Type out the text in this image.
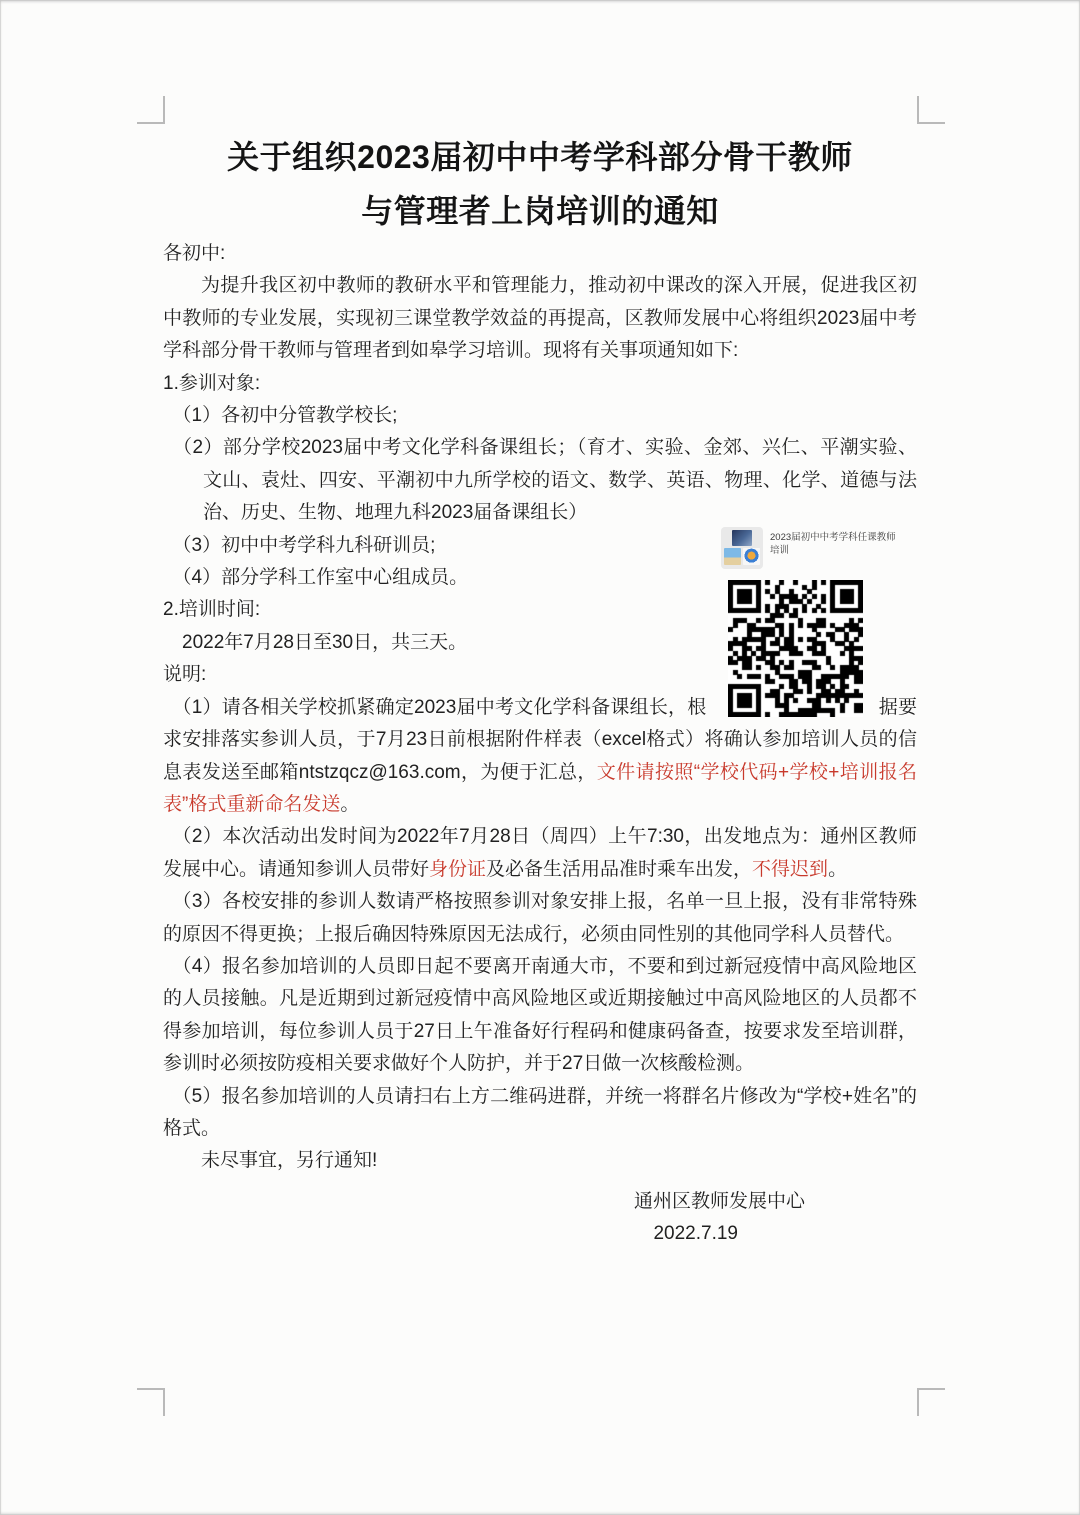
关于组织2023届初中中考学科部分骨干教师
与管理者上岗培训的通知

各初中:

为提升我区初中教师的教研水平和管理能力，推动初中课改的深入开展，促进我区初中教师的专业发展，实现初三课堂教学效益的再提高，区教师发展中心将组织2023届中考学科部分骨干教师与管理者到如皋学习培训。现将有关事项通知如下:

1.参训对象:

（1）各初中分管教学校长;

（2）部分学校2023届中考文化学科备课组长；（育才、实验、金郊、兴仁、平潮实验、文山、袁灶、四安、平潮初中九所学校的语文、数学、英语、物理、化学、道德与法治、历史、生物、地理九科2023届备课组长）

（3）初中中考学科九科研训员;

（4）部分学科工作室中心组成员。

2.培训时间:

2022年7月28日至30日，共三天。

说明:

（1）请各相关学校抓紧确定2023届中考文化学科备课组长，根	据要求安排落实参训人员，于7月23日前根据附件样表（excel格式）将确认参加培训人员的信息表发送至邮箱ntstzqcz@163.com，为便于汇总，文件请按照“学校代码+学校+培训报名表”格式重新命名发送。

（2）本次活动出发时间为2022年7月28日（周四）上午7:30，出发地点为：通州区教师发展中心。请通知参训人员带好身份证及必备生活用品准时乘车出发，不得迟到。

（3）各校安排的参训人数请严格按照参训对象安排上报，名单一旦上报，没有非常特殊的原因不得更换；上报后确因特殊原因无法成行，必须由同性别的其他同学科人员替代。

（4）报名参加培训的人员即日起不要离开南通大市，不要和到过新冠疫情中高风险地区的人员接触。凡是近期到过新冠疫情中高风险地区或近期接触过中高风险地区的人员都不得参加培训，每位参训人员于27日上午准备好行程码和健康码备查，按要求发至培训群，参训时必须按防疫相关要求做好个人防护，并于27日做一次核酸检测。

（5）报名参加培训的人员请扫右上方二维码进群，并统一将群名片修改为“学校+姓名”的格式。

未尽事宜，另行通知!

通州区教师发展中心

2022.7.19

2023届初中中考学科任课教师培训
